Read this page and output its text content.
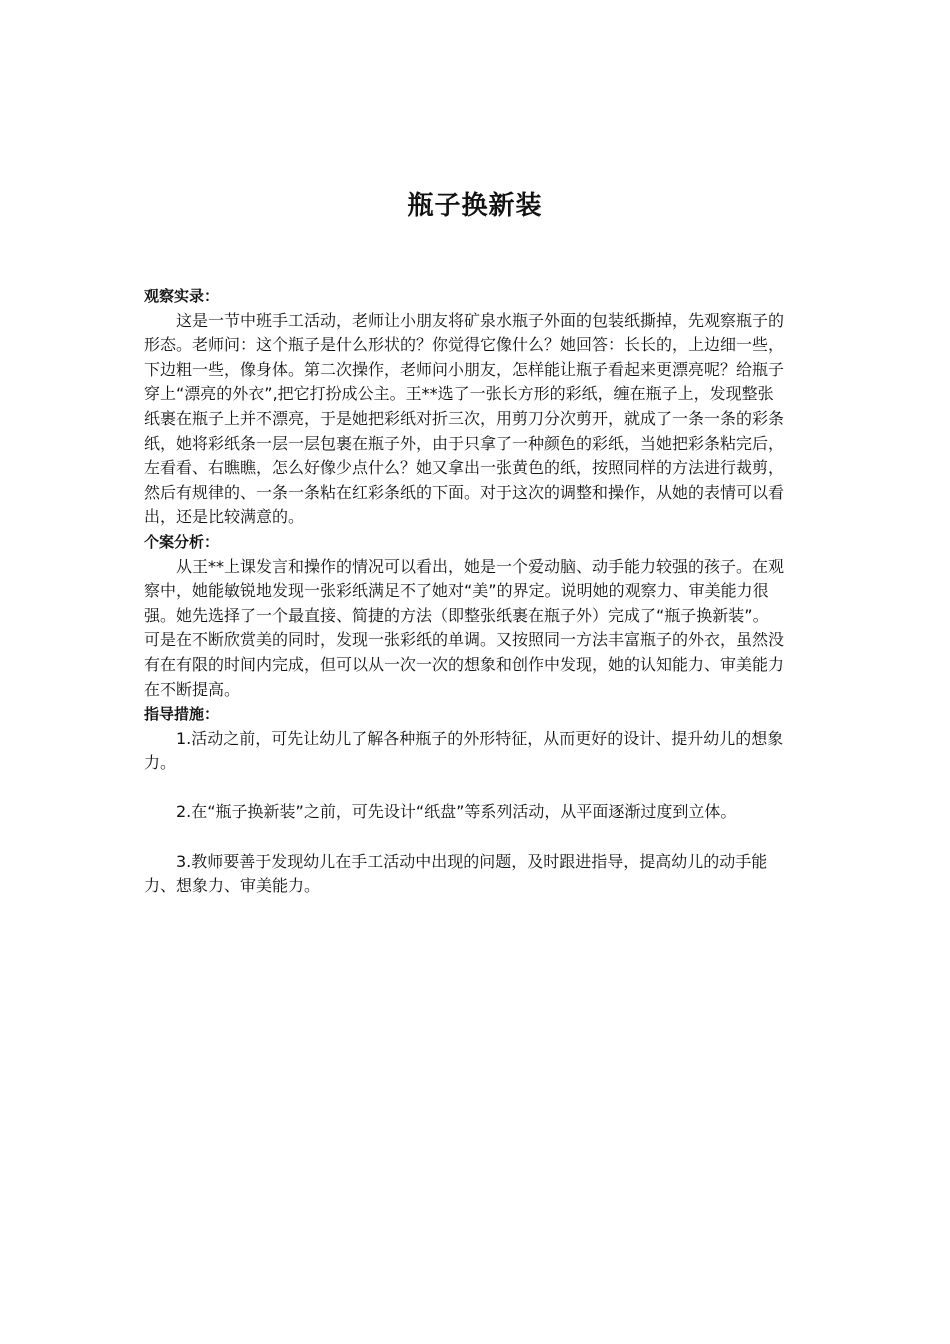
瓶子换新装

观察实录：

这是一节中班手工活动，老师让小朋友将矿泉水瓶子外面的包装纸撕掉，先观察瓶子的形态。老师问：这个瓶子是什么形状的？你觉得它像什么？她回答：长长的，上边细一些，下边粗一些，像身体。第二次操作，老师问小朋友，怎样能让瓶子看起来更漂亮呢？给瓶子穿上“漂亮的外衣”,把它打扮成公主。王**选了一张长方形的彩纸，缠在瓶子上，发现整张纸裹在瓶子上并不漂亮，于是她把彩纸对折三次，用剪刀分次剪开，就成了一条一条的彩条纸，她将彩纸条一层一层包裹在瓶子外，由于只拿了一种颜色的彩纸，当她把彩条粘完后，左看看、右瞧瞧，怎么好像少点什么？她又拿出一张黄色的纸，按照同样的方法进行裁剪，然后有规律的、一条一条粘在红彩条纸的下面。对于这次的调整和操作，从她的表情可以看出，还是比较满意的。

个案分析：

从王**上课发言和操作的情况可以看出，她是一个爱动脑、动手能力较强的孩子。在观察中，她能敏锐地发现一张彩纸满足不了她对“美”的界定。说明她的观察力、审美能力很强。她先选择了一个最直接、简捷的方法（即整张纸裹在瓶子外）完成了“瓶子换新装”。可是在不断欣赏美的同时，发现一张彩纸的单调。又按照同一方法丰富瓶子的外衣，虽然没有在有限的时间内完成，但可以从一次一次的想象和创作中发现，她的认知能力、审美能力在不断提高。

指导措施：

1.活动之前，可先让幼儿了解各种瓶子的外形特征，从而更好的设计、提升幼儿的想象力。

2.在“瓶子换新装”之前，可先设计“纸盘”等系列活动，从平面逐渐过度到立体。

3.教师要善于发现幼儿在手工活动中出现的问题，及时跟进指导，提高幼儿的动手能力、想象力、审美能力。
